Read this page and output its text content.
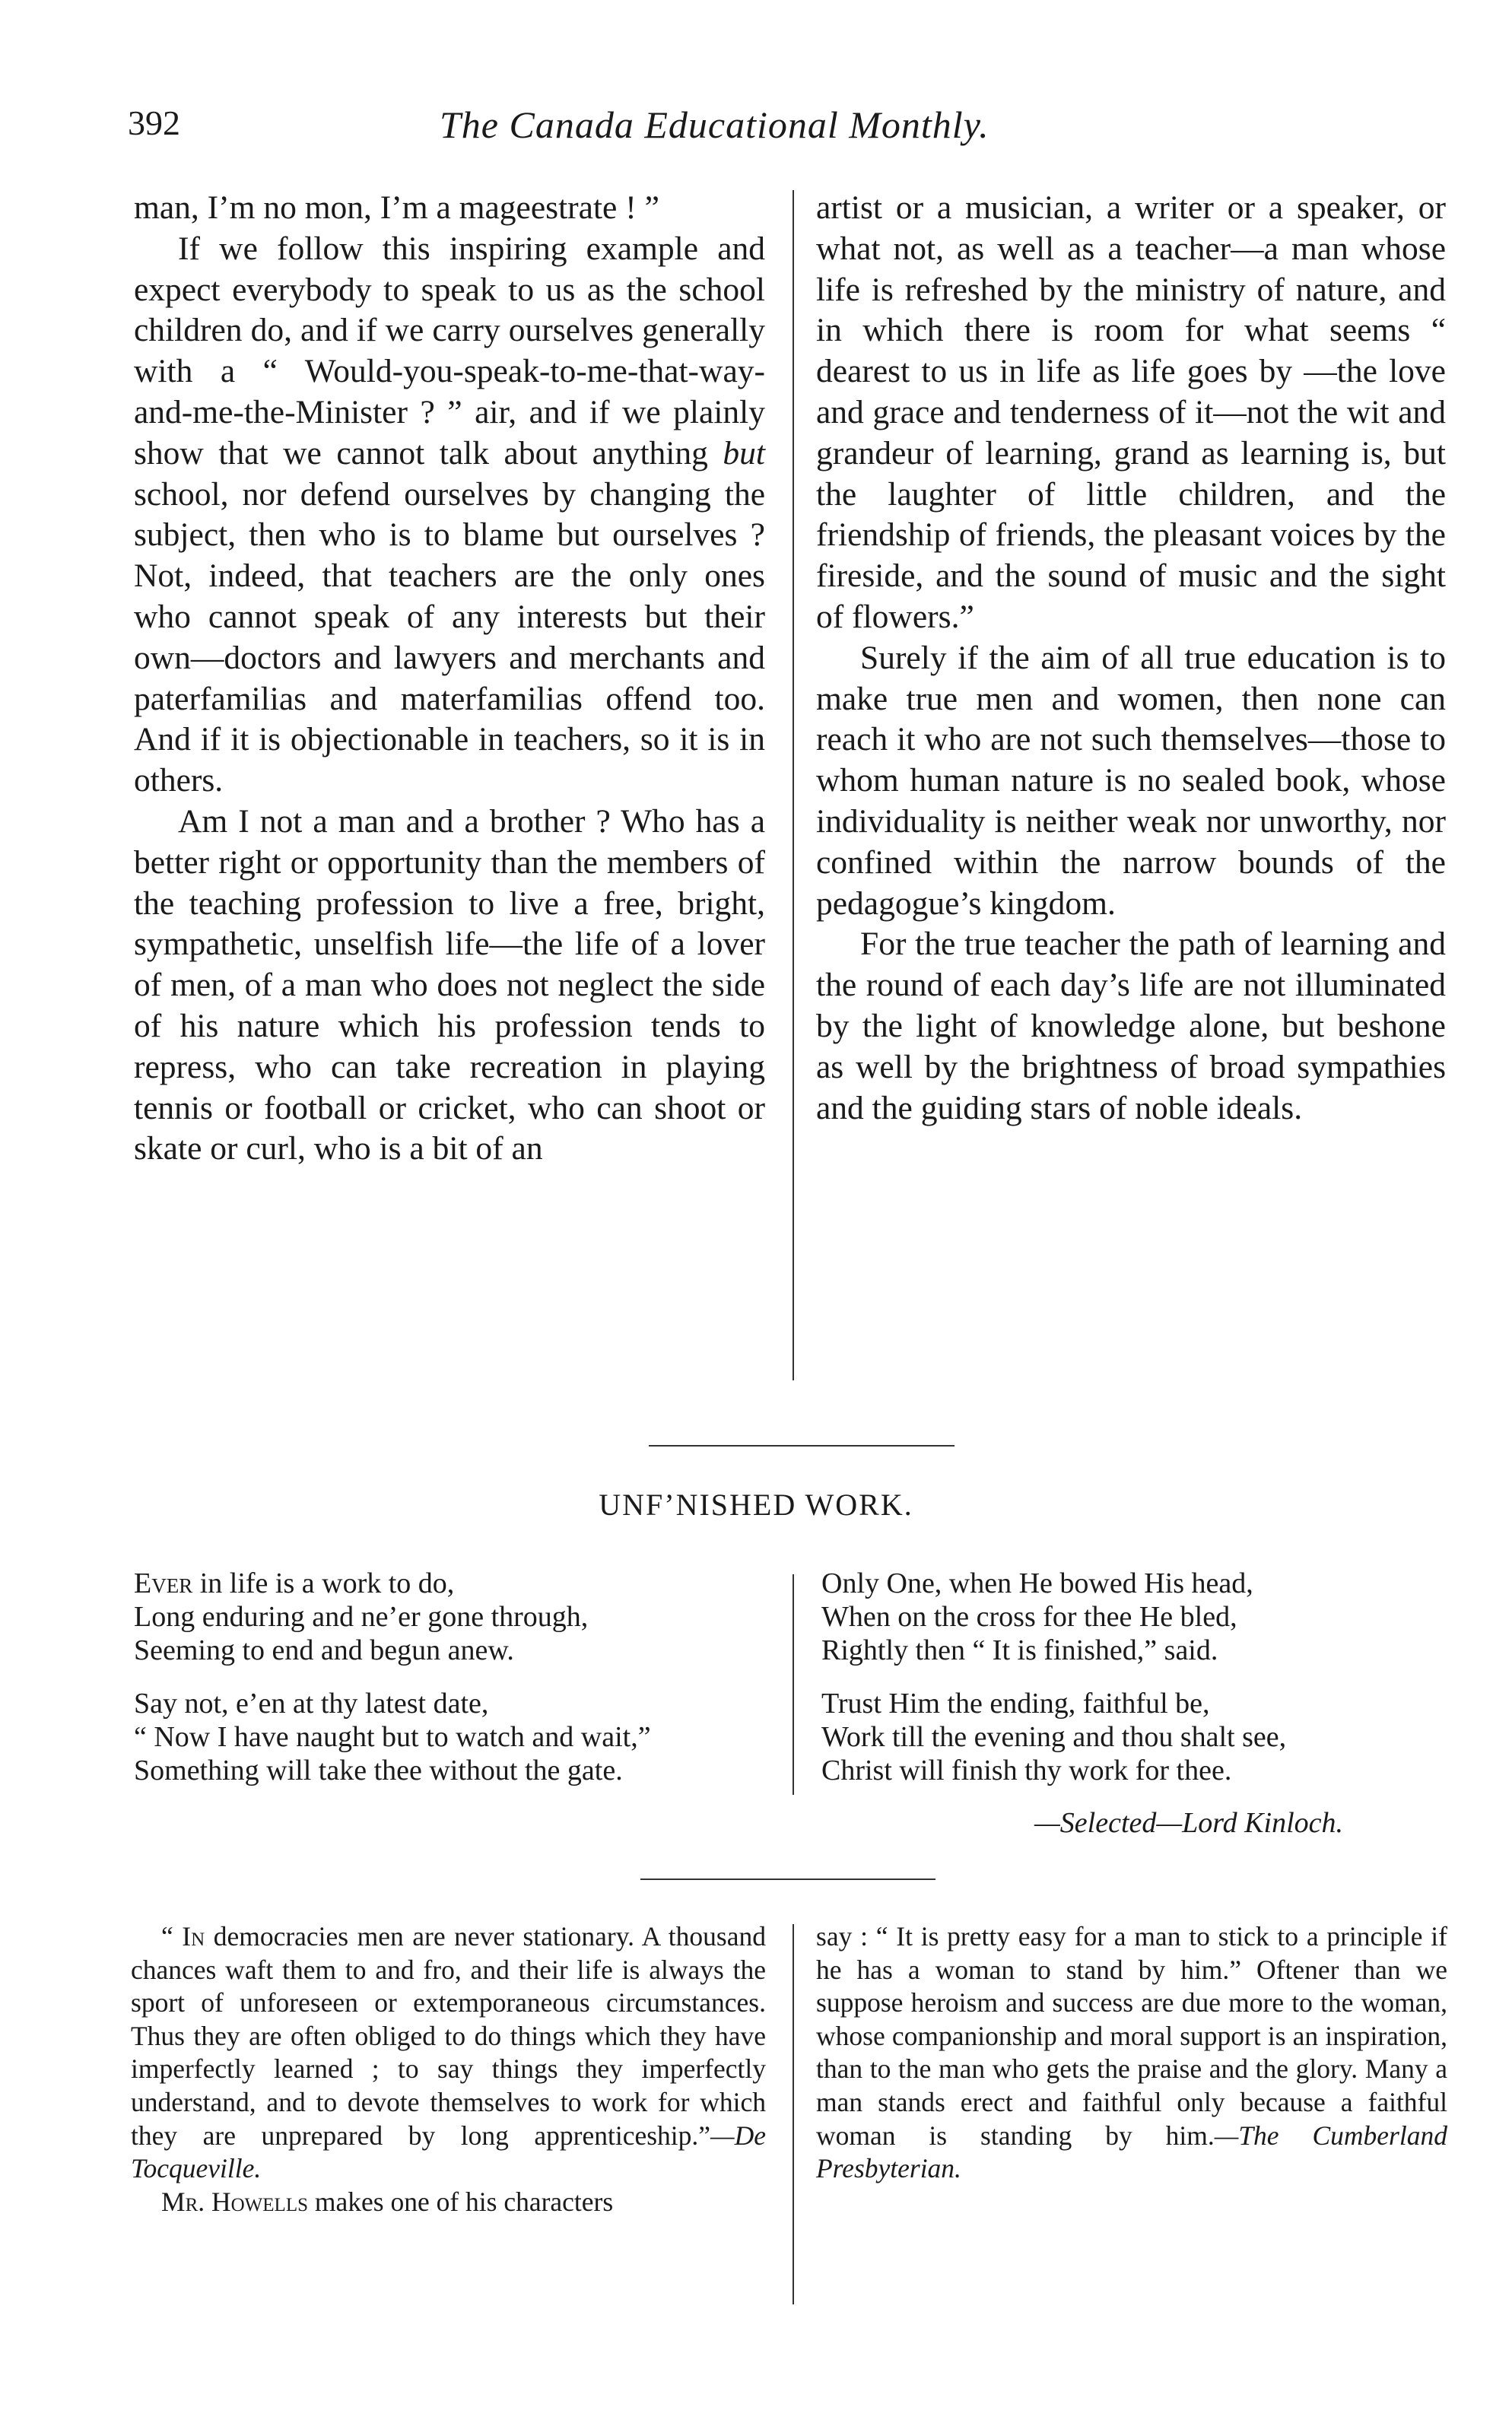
392	The Canada Educational Monthly.

man, I’m no mon, I’m a mageestrate ! ”

If we follow this inspiring example and expect everybody to speak to us as the school children do, and if we carry ourselves generally with a “ Would-you-speak-to-me-that-way-and-me-the-Minister ? ” air, and if we plainly show that we cannot talk about anything but school, nor defend ourselves by changing the subject, then who is to blame but ourselves ? Not, indeed, that teachers are the only ones who cannot speak of any interests but their own—doctors and lawyers and merchants and paterfamilias and materfamilias offend too. And if it is objectionable in teachers, so it is in others.

Am I not a man and a brother ? Who has a better right or opportunity than the members of the teaching profession to live a free, bright, sympathetic, unselfish life—the life of a lover of men, of a man who does not neglect the side of his nature which his profession tends to repress, who can take recreation in playing tennis or football or cricket, who can shoot or skate or curl, who is a bit of an

artist or a musician, a writer or a speaker, or what not, as well as a teacher—a man whose life is refreshed by the ministry of nature, and in which there is room for what seems “ dearest to us in life as life goes by —the love and grace and tenderness of it—not the wit and grandeur of learning, grand as learning is, but the laughter of little children, and the friendship of friends, the pleasant voices by the fireside, and the sound of music and the sight of flowers.”

Surely if the aim of all true education is to make true men and women, then none can reach it who are not such themselves—those to whom human nature is no sealed book, whose individuality is neither weak nor unworthy, nor confined within the narrow bounds of the pedagogue’s kingdom.

For the true teacher the path of learning and the round of each day’s life are not illuminated by the light of knowledge alone, but beshone as well by the brightness of broad sympathies and the guiding stars of noble ideals.

UNF’NISHED WORK.
Ever in life is a work to do,
Long enduring and ne’er gone through,
Seeming to end and begun anew.
Say not, e’en at thy latest date,
“ Now I have naught but to watch and wait,”
Something will take thee without the gate.
Only One, when He bowed His head,
When on the cross for thee He bled,
Rightly then “ It is finished,” said.
Trust Him the ending, faithful be,
Work till the evening and thou shalt see,
Christ will finish thy work for thee.
—Selected—Lord Kinloch.

“ In democracies men are never stationary. A thousand chances waft them to and fro, and their life is always the sport of unforeseen or extemporaneous circumstances. Thus they are often obliged to do things which they have imperfectly learned ; to say things they imperfectly understand, and to devote themselves to work for which they are unprepared by long apprenticeship.”—De Tocqueville.

Mr. Howells makes one of his characters

say : “ It is pretty easy for a man to stick to a principle if he has a woman to stand by him.” Oftener than we suppose heroism and success are due more to the woman, whose companionship and moral support is an inspiration, than to the man who gets the praise and the glory. Many a man stands erect and faithful only because a faithful woman is standing by him.—The Cumberland Presbyterian.
